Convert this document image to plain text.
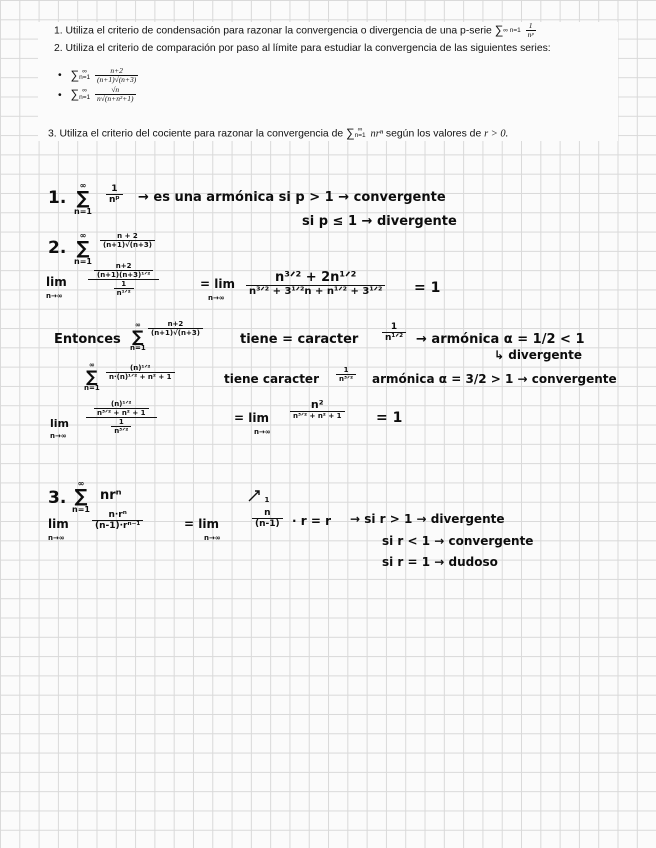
1. Utiliza el criterio de condensación para razonar la convergencia o divergencia de una p-serie ∑∞ $n=1 \frac{1}{\text{nᵖ}}$

2. Utiliza el criterio de comparación por paso al límite para estudiar la convergencia de las siguientes series:

• ∑ ∞
$n=1 \frac{n+2}{(n+1)√(n+3)}$
• ∑ ∞
$n=1 \frac{√n}{\text{n√(n+n²+1)}}$

3. Utiliza el criterio del cociente para razonar la convergencia de ∑ ∞
n=1 nrⁿ según los valores de r > 0.

1.
∞
∑
n=1
$\frac{1}{\text{nᵖ}}$ → es una armónica si p > 1 → convergente
si p ≤ 1 → divergente
2.
∞
∑
n=1
$\frac{n + 2}{(n+1)√(n+3)}$
lim
n→∞
n+2
(n+1)(n+3)¹ᐟ²
1
n¹ᐟ²
= lim
n→∞
n³ᐟ² + 2n¹ᐟ²
n³ᐟ² + 3¹ᐟ²n + n¹ᐟ² + 3¹ᐟ² = 1
Entonces
∞
∑
n=1
$\frac{n+2}{(n+1)√(n+3)}$
tiene = caracter
1
n¹ᐟ² → armónica α = 1/2 < 1
↳ divergente
∞
∑
n=1
(n)¹ᐟ²
n·(n)¹ᐟ² + n² + 1	tiene caracter
1
n³ᐟ² armónica α = 3/2 > 1 → convergente
lim
n→∞
(n)¹ᐟ²
n³ᐟ² + n² + 1
1
n³ᐟ²
= lim
n→∞
n²
n³ᐟ² + n² + 1 = 1
3.
∞
∑
n=1
nrⁿ
lim
n→∞
$\frac{\text{n·rⁿ}}{\text{(n-1)·rⁿ⁻¹}}$	= lim
n→∞
1
$\frac{n}{(n-1)} \cdot r = r$ → si r > 1 → divergente
si r < 1 → convergente
si r = 1 → dudoso
